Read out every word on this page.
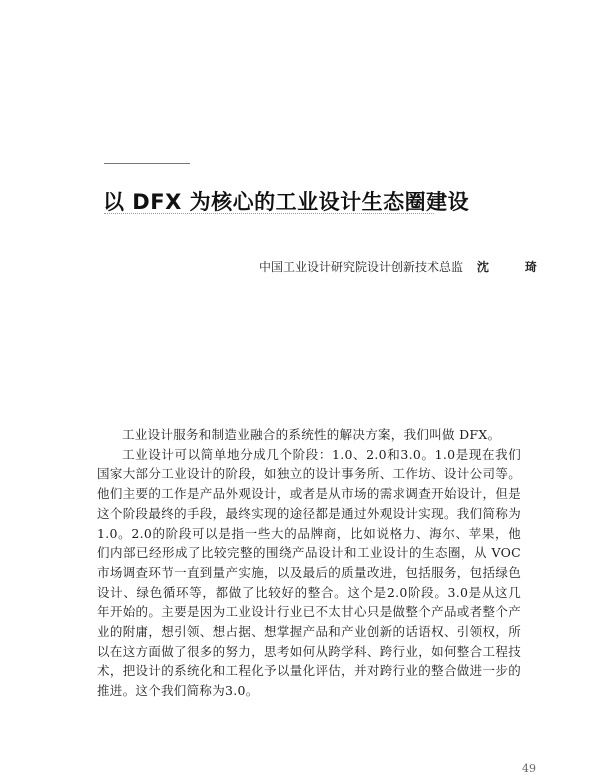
以 DFX 为核心的工业设计生态圈建设
中国工业设计研究院设计创新技术总监 沈　琦

工业设计服务和制造业融合的系统性的解决方案，我们叫做 DFX。

工业设计可以简单地分成几个阶段：1.0、2.0和3.0。1.0是现在我们国家大部分工业设计的阶段，如独立的设计事务所、工作坊、设计公司等。他们主要的工作是产品外观设计，或者是从市场的需求调查开始设计，但是这个阶段最终的手段，最终实现的途径都是通过外观设计实现。我们简称为1.0。2.0的阶段可以是指一些大的品牌商，比如说格力、海尔、苹果，他们内部已经形成了比较完整的围绕产品设计和工业设计的生态圈，从 VOC 市场调查环节一直到量产实施，以及最后的质量改进，包括服务，包括绿色设计、绿色循环等，都做了比较好的整合。这个是2.0阶段。3.0是从这几年开始的。主要是因为工业设计行业已不太甘心只是做整个产品或者整个产业的附庸，想引领、想占据、想掌握产品和产业创新的话语权、引领权，所以在这方面做了很多的努力，思考如何从跨学科、跨行业，如何整合工程技术，把设计的系统化和工程化予以量化评估，并对跨行业的整合做进一步的推进。这个我们简称为3.0。

49
